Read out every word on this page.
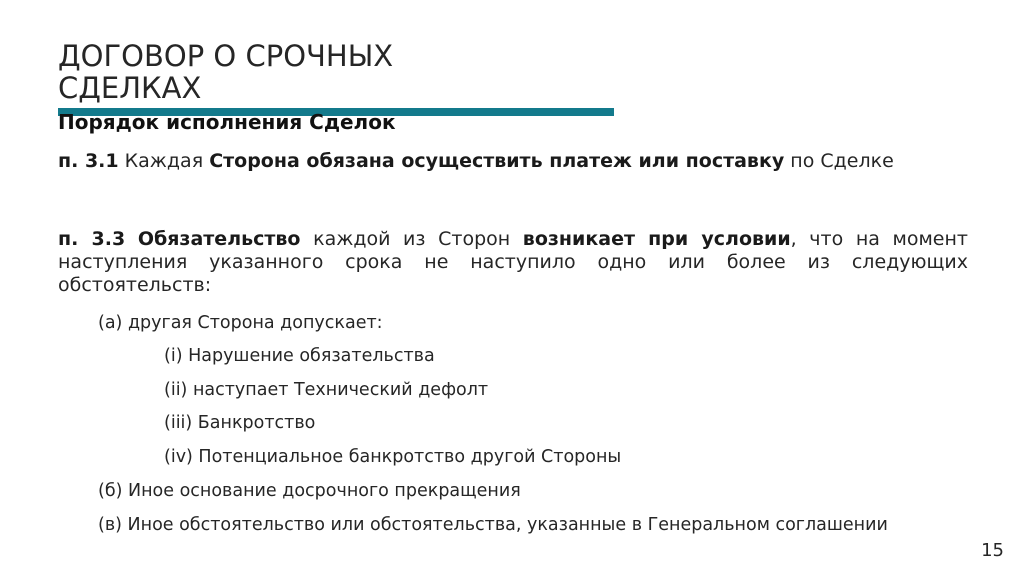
ДОГОВОР О СРОЧНЫХ
СДЕЛКАХ
Порядок исполнения Сделок
п. 3.1 Каждая Сторона обязана осуществить платеж или поставку по Сделке
п. 3.3 Обязательство каждой из Сторон возникает при условии, что на момент наступления указанного срока не наступило одно или более из следующих обстоятельств:
(а) другая Сторона допускает:
(i) Нарушение обязательства
(ii) наступает Технический дефолт
(iii) Банкротство
(iv) Потенциальное банкротство другой Стороны
(б) Иное основание досрочного прекращения
(в) Иное обстоятельство или обстоятельства, указанные в Генеральном соглашении
15
